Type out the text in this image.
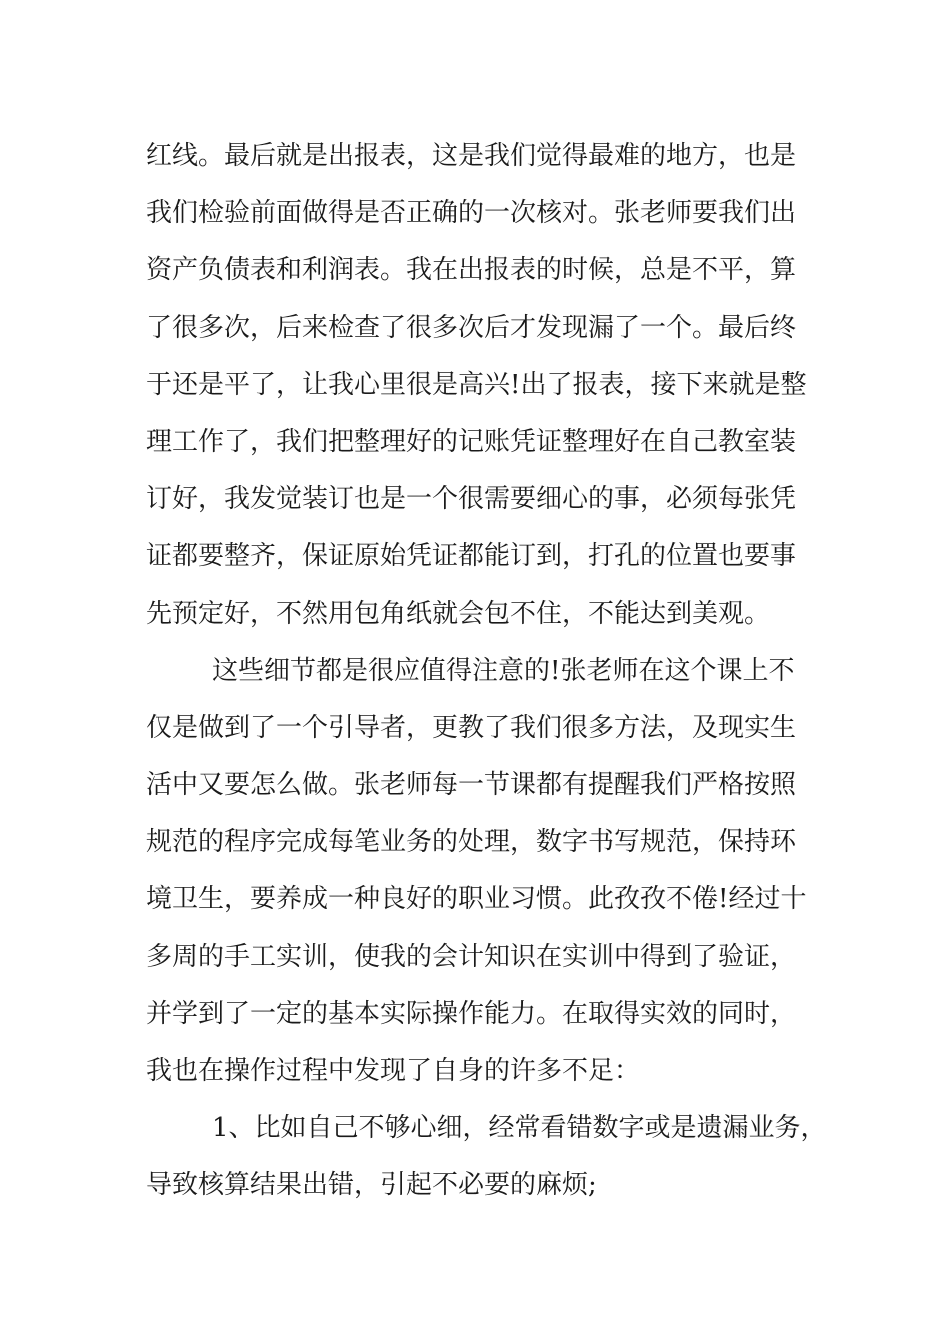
红线。最后就是出报表，这是我们觉得最难的地方，也是
我们检验前面做得是否正确的一次核对。张老师要我们出
资产负债表和利润表。我在出报表的时候，总是不平，算
了很多次，后来检查了很多次后才发现漏了一个。最后终
于还是平了，让我心里很是高兴!出了报表，接下来就是整
理工作了，我们把整理好的记账凭证整理好在自己教室装
订好，我发觉装订也是一个很需要细心的事，必须每张凭
证都要整齐，保证原始凭证都能订到，打孔的位置也要事
先预定好，不然用包角纸就会包不住，不能达到美观。
这些细节都是很应值得注意的!张老师在这个课上不
仅是做到了一个引导者，更教了我们很多方法，及现实生
活中又要怎么做。张老师每一节课都有提醒我们严格按照
规范的程序完成每笔业务的处理，数字书写规范，保持环
境卫生，要养成一种良好的职业习惯。此孜孜不倦!经过十
多周的手工实训，使我的会计知识在实训中得到了验证，
并学到了一定的基本实际操作能力。在取得实效的同时，
我也在操作过程中发现了自身的许多不足：
1、比如自己不够心细，经常看错数字或是遗漏业务，
导致核算结果出错，引起不必要的麻烦;
